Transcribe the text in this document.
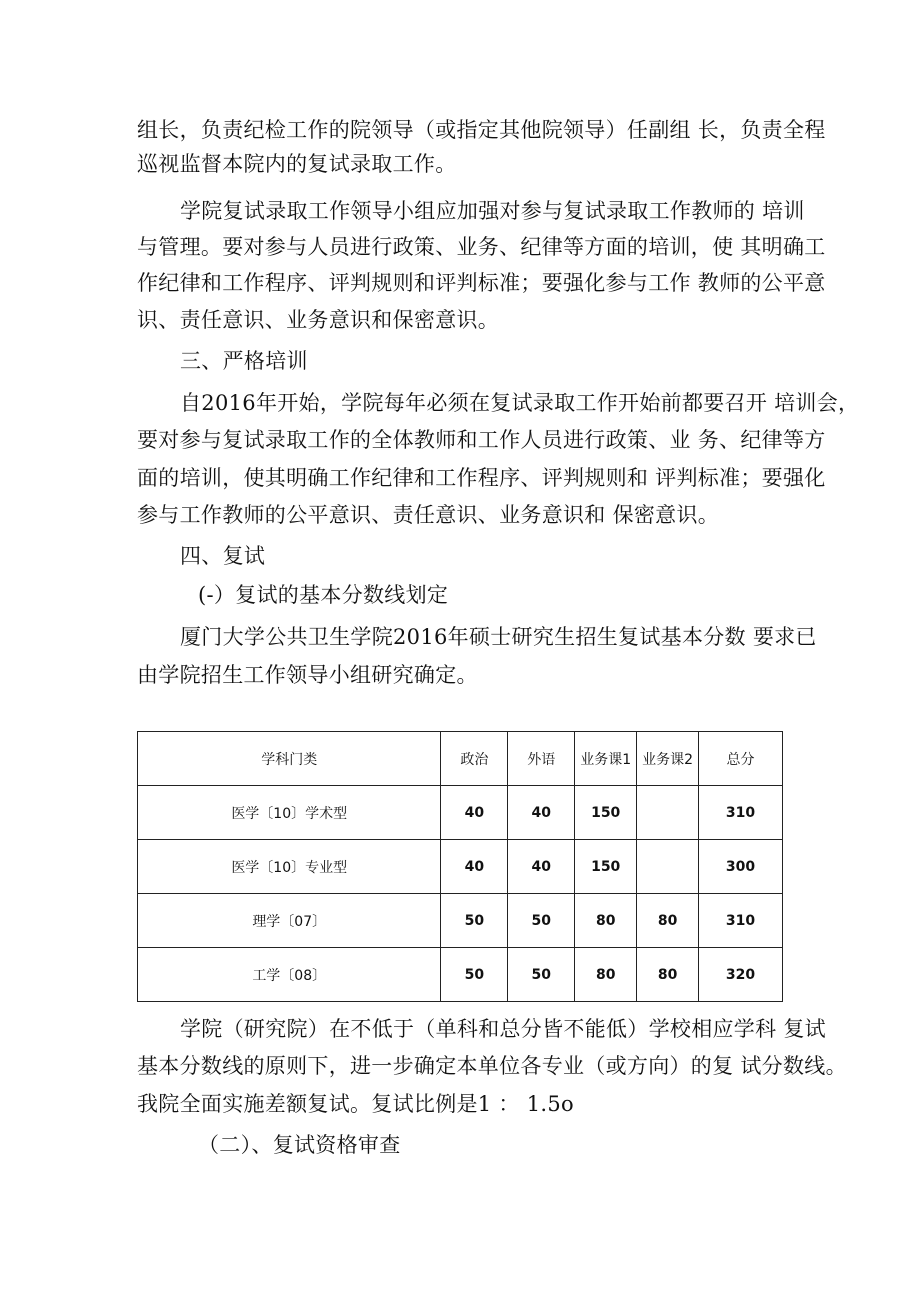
组长，负责纪检工作的院领导（或指定其他院领导）任副组 长，负责全程
巡视监督本院内的复试录取工作。
学院复试录取工作领导小组应加强对参与复试录取工作教师的 培训
与管理。要对参与人员进行政策、业务、纪律等方面的培训，使 其明确工
作纪律和工作程序、评判规则和评判标准；要强化参与工作 教师的公平意
识、责任意识、业务意识和保密意识。
三、严格培训
自2016年开始，学院每年必须在复试录取工作开始前都要召开 培训会，
要对参与复试录取工作的全体教师和工作人员进行政策、业 务、纪律等方
面的培训，使其明确工作纪律和工作程序、评判规则和 评判标准；要强化
参与工作教师的公平意识、责任意识、业务意识和 保密意识。
四、复试
(-）复试的基本分数线划定
厦门大学公共卫生学院2016年硕士研究生招生复试基本分数 要求已
由学院招生工作领导小组研究确定。
学科门类	政治	外语	业务课1	业务课2	总分
医学〔10〕学术型	40	40	150		310
医学〔10〕专业型	40	40	150		300
理学〔07〕	50	50	80	80	310
工学〔08〕	50	50	80	80	320
学院（研究院）在不低于（单科和总分皆不能低）学校相应学科 复试
基本分数线的原则下，进一步确定本单位各专业（或方向）的复 试分数线。
我院全面实施差额复试。复试比例是1 ： 1.5o
（二）、复试资格审查
